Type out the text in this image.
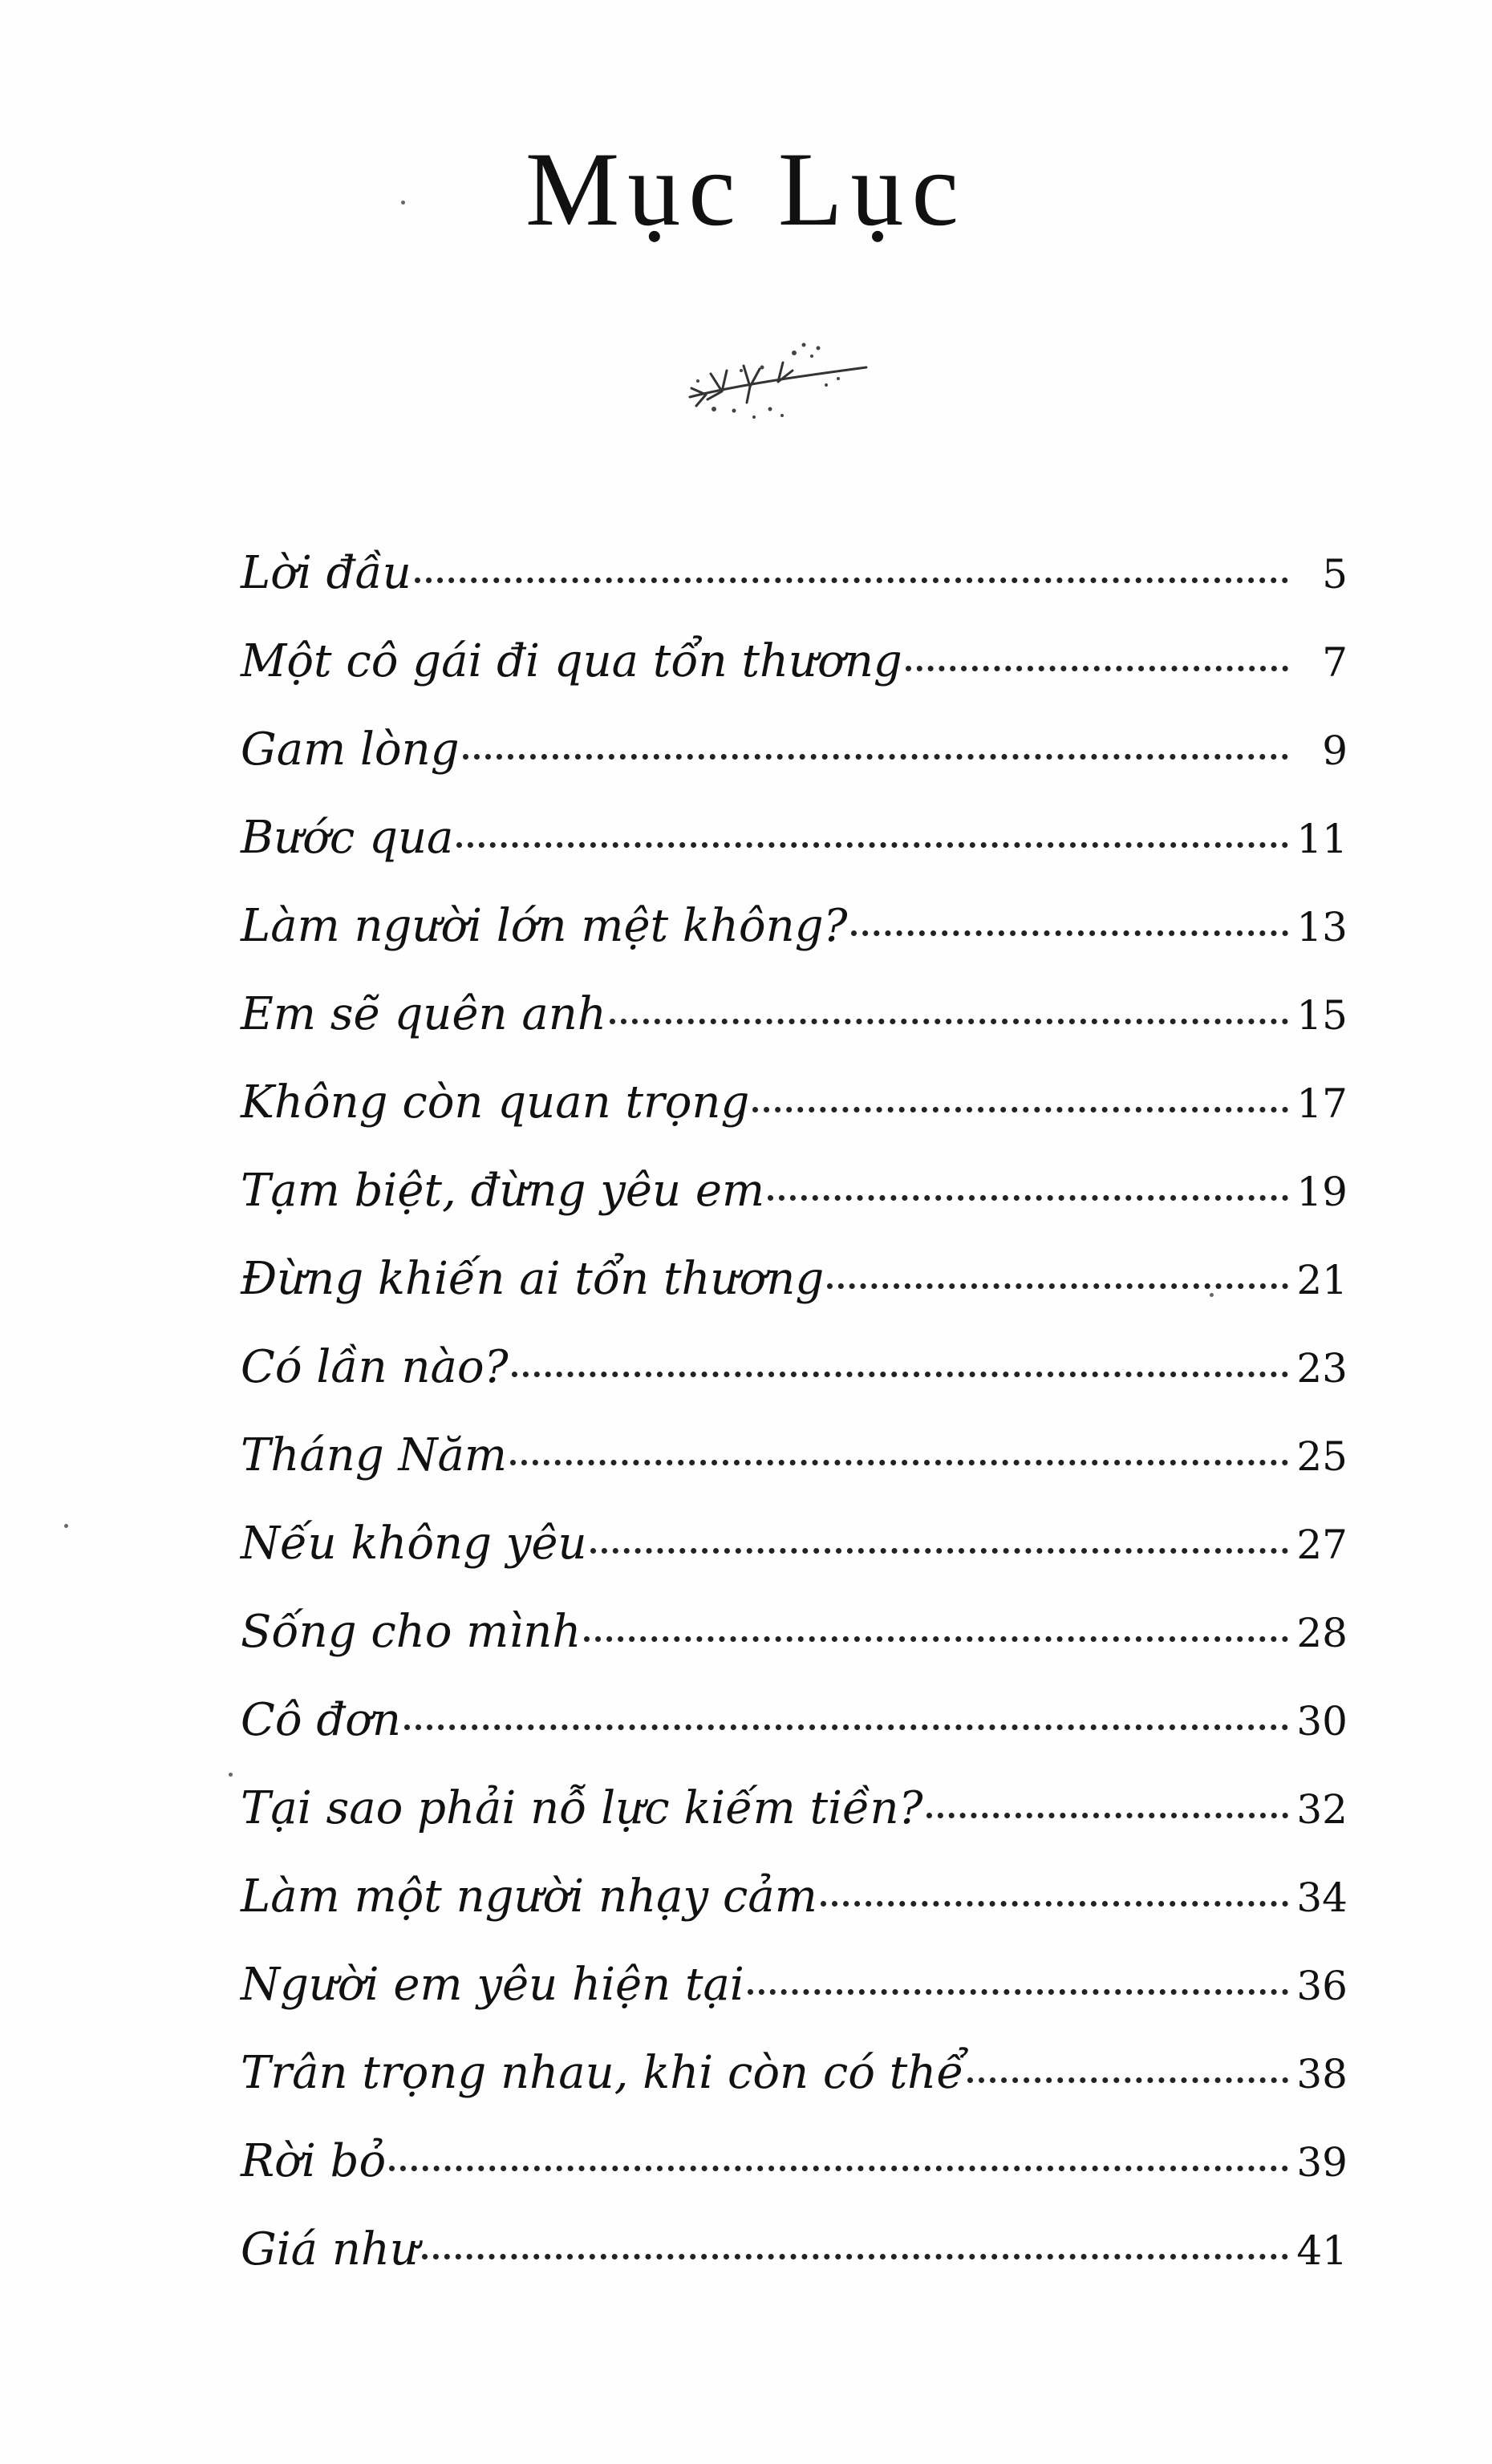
Mục Lục
Lời đầu	5
Một cô gái đi qua tổn thương	7
Gam lòng	9
Bước qua	11
Làm người lớn mệt không?	13
Em sẽ quên anh	15
Không còn quan trọng	17
Tạm biệt, đừng yêu em	19
Đừng khiến ai tổn thương	21
Có lần nào?	23
Tháng Năm	25
Nếu không yêu	27
Sống cho mình	28
Cô đơn	30
Tại sao phải nỗ lực kiếm tiền?	32
Làm một người nhạy cảm	34
Người em yêu hiện tại	36
Trân trọng nhau, khi còn có thể	38
Rời bỏ	39
Giá như	41
